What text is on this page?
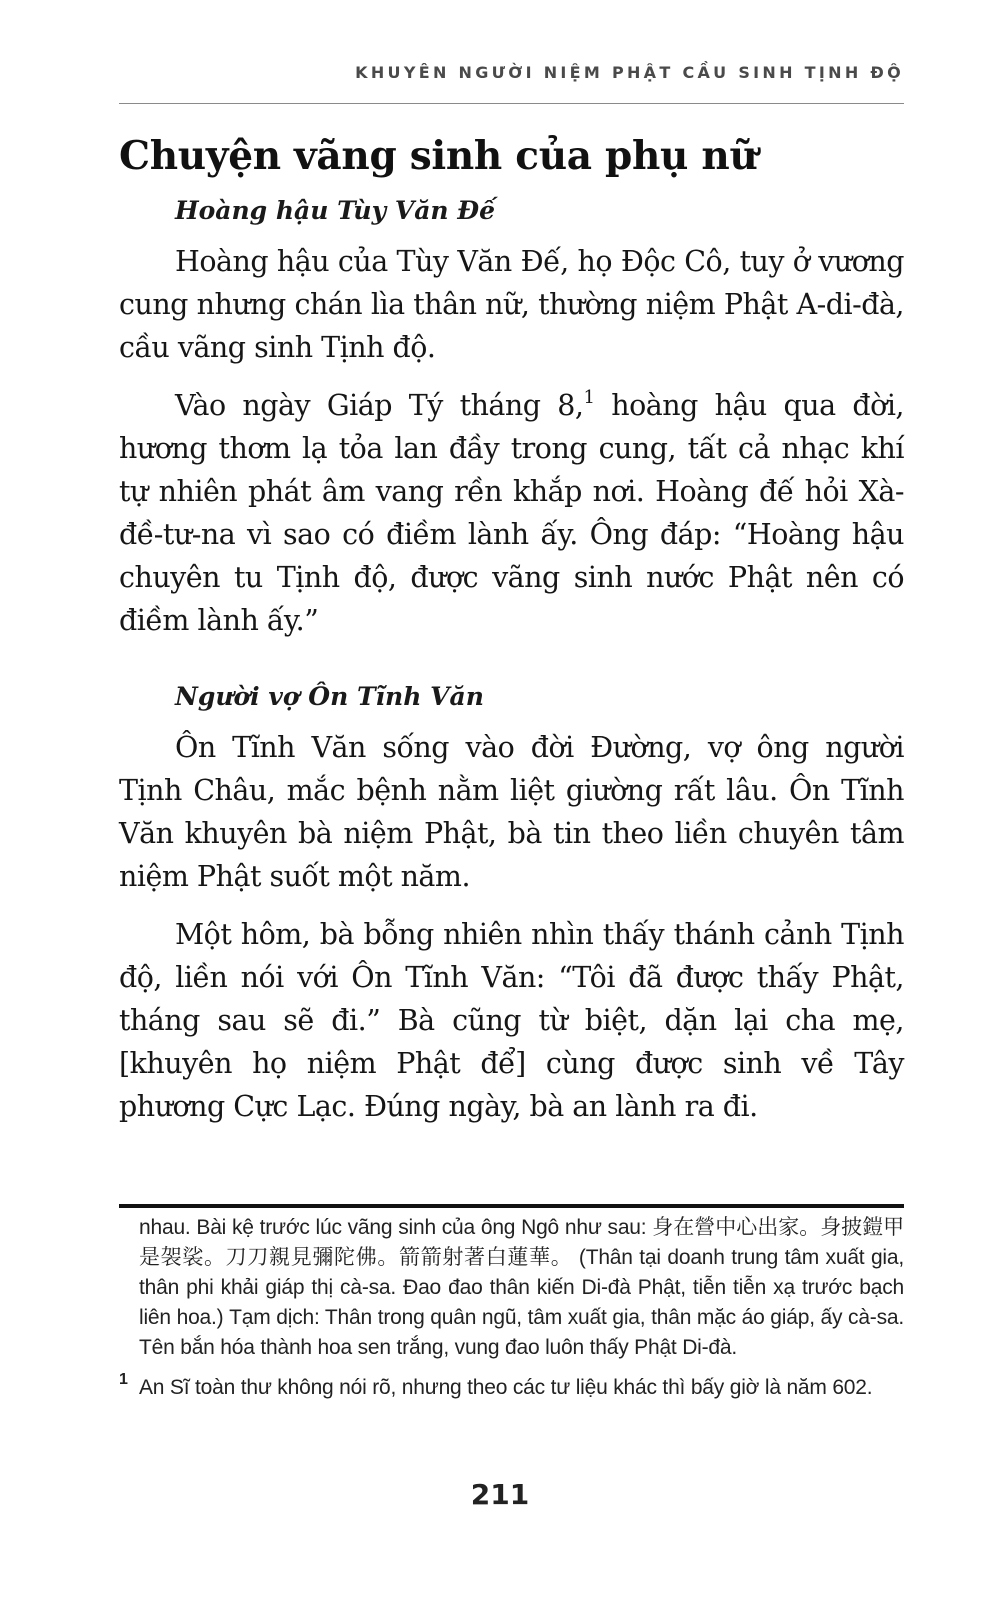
KHUYÊN NGƯỜI NIỆM PHẬT CẦU SINH TỊNH ĐỘ
Chuyện vãng sinh của phụ nữ
Hoàng hậu Tùy Văn Đế

Hoàng hậu của Tùy Văn Đế, họ Độc Cô, tuy ở vương cung nhưng chán lìa thân nữ, thường niệm Phật A-di-đà, cầu vãng sinh Tịnh độ.

Vào ngày Giáp Tý tháng 8,$^1$ hoàng hậu qua đời, hương thơm lạ tỏa lan đầy trong cung, tất cả nhạc khí tự nhiên phát âm vang rền khắp nơi. Hoàng đế hỏi Xà-đề-tư-na vì sao có điềm lành ấy. Ông đáp: “Hoàng hậu chuyên tu Tịnh độ, được vãng sinh nước Phật nên có điềm lành ấy.”

Người vợ Ôn Tĩnh Văn

Ôn Tĩnh Văn sống vào đời Đường, vợ ông người Tịnh Châu, mắc bệnh nằm liệt giường rất lâu. Ôn Tĩnh Văn khuyên bà niệm Phật, bà tin theo liền chuyên tâm niệm Phật suốt một năm.

Một hôm, bà bỗng nhiên nhìn thấy thánh cảnh Tịnh độ, liền nói với Ôn Tĩnh Văn: “Tôi đã được thấy Phật, tháng sau sẽ đi.” Bà cũng từ biệt, dặn lại cha mẹ, [khuyên họ niệm Phật để] cùng được sinh về Tây phương Cực Lạc. Đúng ngày, bà an lành ra đi.

nhau. Bài kệ trước lúc vãng sinh của ông Ngô như sau: 身在營中心出家。身披鎧甲是袈裟。刀刀親見彌陀佛。箭箭射著白蓮華。 (Thân tại doanh trung tâm xuất gia, thân phi khải giáp thị cà-sa. Đao đao thân kiến Di-đà Phật, tiễn tiễn xạ trước bạch liên hoa.) Tạm dịch: Thân trong quân ngũ, tâm xuất gia, thân mặc áo giáp, ấy cà-sa. Tên bắn hóa thành hoa sen trắng, vung đao luôn thấy Phật Di-đà.

1 An Sĩ toàn thư không nói rõ, nhưng theo các tư liệu khác thì bấy giờ là năm 602.

211
